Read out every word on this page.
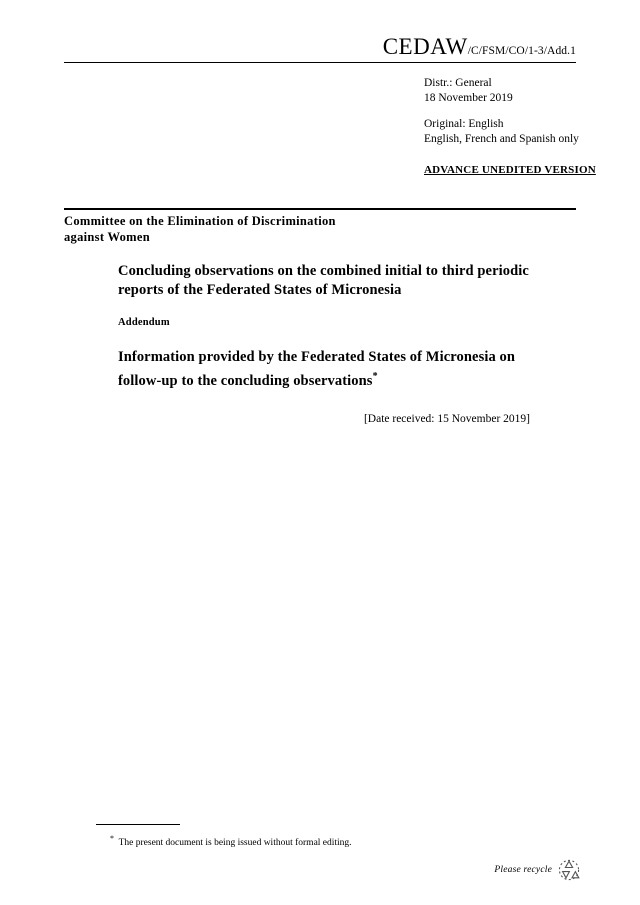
CEDAW/C/FSM/CO/1-3/Add.1
Distr.: General
18 November 2019
Original: English
English, French and Spanish only
ADVANCE UNEDITED VERSION
Committee on the Elimination of Discrimination
against Women
Concluding observations on the combined initial to third periodic reports of the Federated States of Micronesia
Addendum
Information provided by the Federated States of Micronesia on follow-up to the concluding observations*
[Date received: 15 November 2019]
* The present document is being issued without formal editing.
Please recycle
